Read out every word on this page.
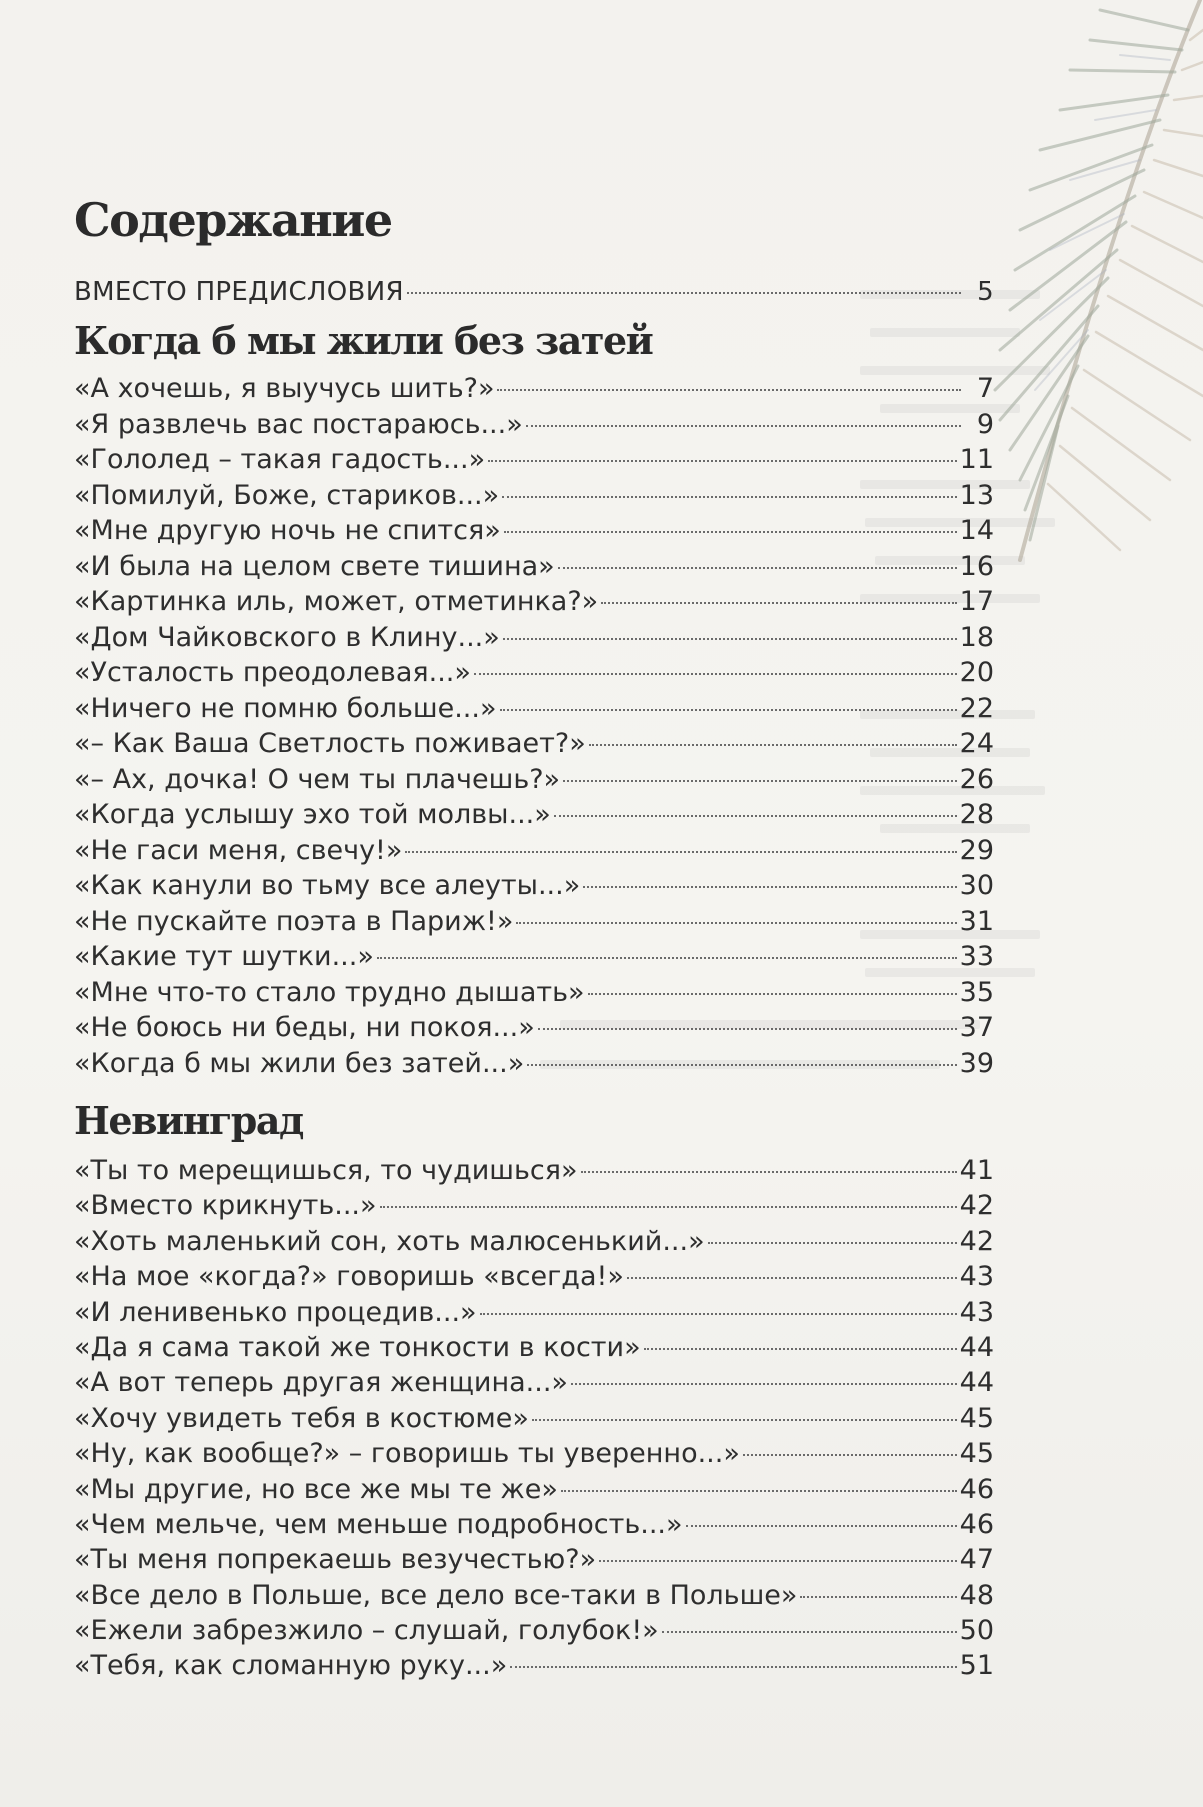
Содержание
ВМЕСТО ПРЕДИСЛОВИЯ	5
Когда б мы жили без затей
«А хочешь, я выучусь шить?»	7
«Я развлечь вас постараюсь...»	9
«Гололед – такая гадость...»	11
«Помилуй, Боже, стариков...»	13
«Мне другую ночь не спится»	14
«И была на целом свете тишина»	16
«Картинка иль, может, отметинка?»	17
«Дом Чайковского в Клину...»	18
«Усталость преодолевая...»	20
«Ничего не помню больше...»	22
«– Как Ваша Светлость поживает?»	24
«– Ах, дочка! О чем ты плачешь?»	26
«Когда услышу эхо той молвы...»	28
«Не гаси меня, свечу!»	29
«Как канули во тьму все алеуты...»	30
«Не пускайте поэта в Париж!»	31
«Какие тут шутки...»	33
«Мне что-то стало трудно дышать»	35
«Не боюсь ни беды, ни покоя...»	37
«Когда б мы жили без затей...»	39
Невинград
«Ты то мерещишься, то чудишься»	41
«Вместо крикнуть...»	42
«Хоть маленький сон, хоть малюсенький...»	42
«На мое «когда?» говоришь «всегда!»	43
«И ленивенько процедив...»	43
«Да я сама такой же тонкости в кости»	44
«А вот теперь другая женщина...»	44
«Хочу увидеть тебя в костюме»	45
«Ну, как вообще?» – говоришь ты уверенно...»	45
«Мы другие, но все же мы те же»	46
«Чем мельче, чем меньше подробность...»	46
«Ты меня попрекаешь везучестью?»	47
«Все дело в Польше, все дело все-таки в Польше»	48
«Ежели забрезжило – слушай, голубок!»	50
«Тебя, как сломанную руку...»	51
